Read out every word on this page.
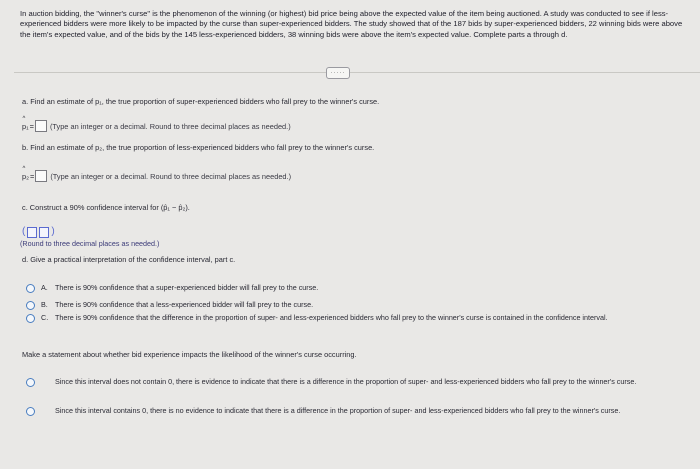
In auction bidding, the "winner's curse" is the phenomenon of the winning (or highest) bid price being above the expected value of the item being auctioned. A study was conducted to see if less-experienced bidders were more likely to be impacted by the curse than super-experienced bidders. The study showed that of the 187 bids by super-experienced bidders, 22 winning bids were above the item's expected value, and of the bids by the 145 less-experienced bidders, 38 winning bids were above the item's expected value. Complete parts a through d.
·····
a. Find an estimate of p₁, the true proportion of super-experienced bidders who fall prey to the winner's curse.
^ p₁ = (Type an integer or a decimal. Round to three decimal places as needed.)
b. Find an estimate of p₂, the true proportion of less-experienced bidders who fall prey to the winner's curse.
^ p₂ = (Type an integer or a decimal. Round to three decimal places as needed.)
c. Construct a 90% confidence interval for (p̂₁ − p̂₂).
(	)
(Round to three decimal places as needed.)
d. Give a practical interpretation of the confidence interval, part c.
A.	There is 90% confidence that a super-experienced bidder will fall prey to the curse.
B.	There is 90% confidence that a less-experienced bidder will fall prey to the curse.
C. There is 90% confidence that the difference in the proportion of super- and less-experienced bidders who fall prey to the winner's curse is contained in the confidence interval.
Make a statement about whether bid experience impacts the likelihood of the winner's curse occurring.
Since this interval does not contain 0, there is evidence to indicate that there is a difference in the proportion of super- and less-experienced bidders who fall prey to the winner's curse.
Since this interval contains 0, there is no evidence to indicate that there is a difference in the proportion of super- and less-experienced bidders who fall prey to the winner's curse.
